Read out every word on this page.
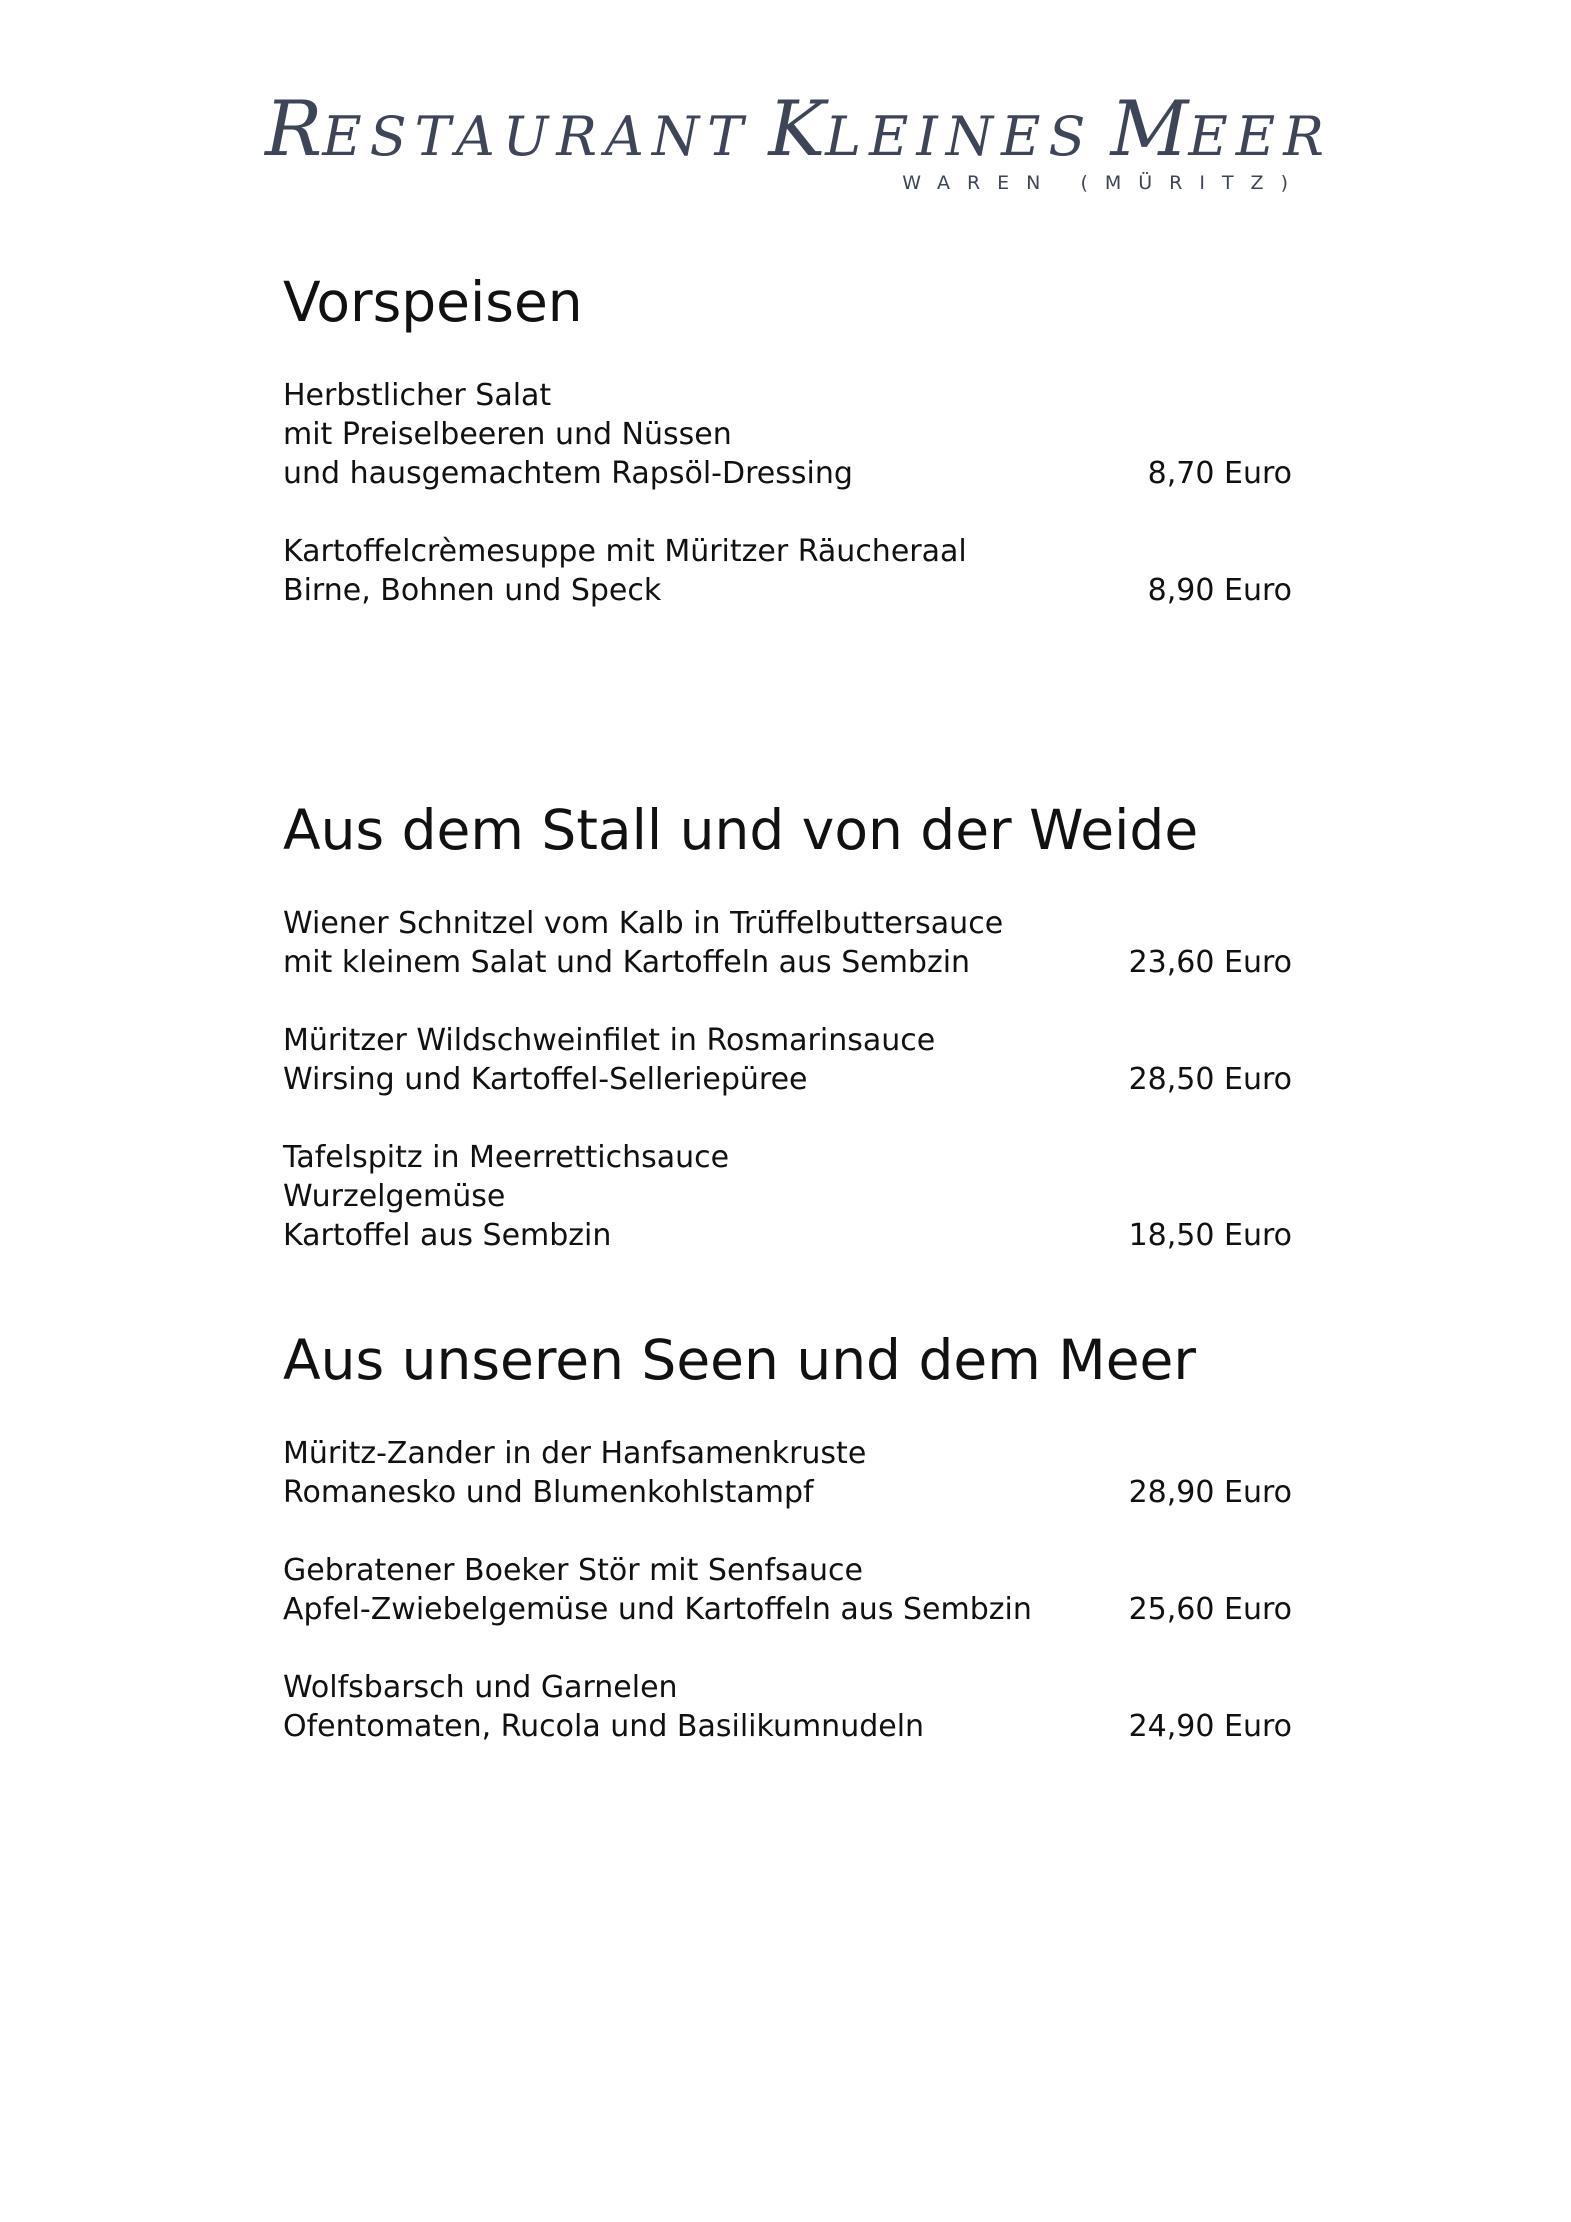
RESTAURANT KLEINES MEER
WAREN (MÜRITZ)
Vorspeisen
Herbstlicher Salat
mit Preiselbeeren und Nüssen
und hausgemachtem Rapsöl-Dressing	8,70 Euro
Kartoffelcrèmesuppe mit Müritzer Räucheraal
Birne, Bohnen und Speck	8,90 Euro
Aus dem Stall und von der Weide
Wiener Schnitzel vom Kalb in Trüffelbuttersauce
mit kleinem Salat und Kartoffeln aus Sembzin	23,60 Euro
Müritzer Wildschweinfilet in Rosmarinsauce
Wirsing und Kartoffel-Selleriepüree	28,50 Euro
Tafelspitz in Meerrettichsauce
Wurzelgemüse
Kartoffel aus Sembzin	18,50 Euro
Aus unseren Seen und dem Meer
Müritz-Zander in der Hanfsamenkruste
Romanesko und Blumenkohlstampf	28,90 Euro
Gebratener Boeker Stör mit Senfsauce
Apfel-Zwiebelgemüse und Kartoffeln aus Sembzin	25,60 Euro
Wolfsbarsch und Garnelen
Ofentomaten, Rucola und Basilikumnudeln	24,90 Euro
